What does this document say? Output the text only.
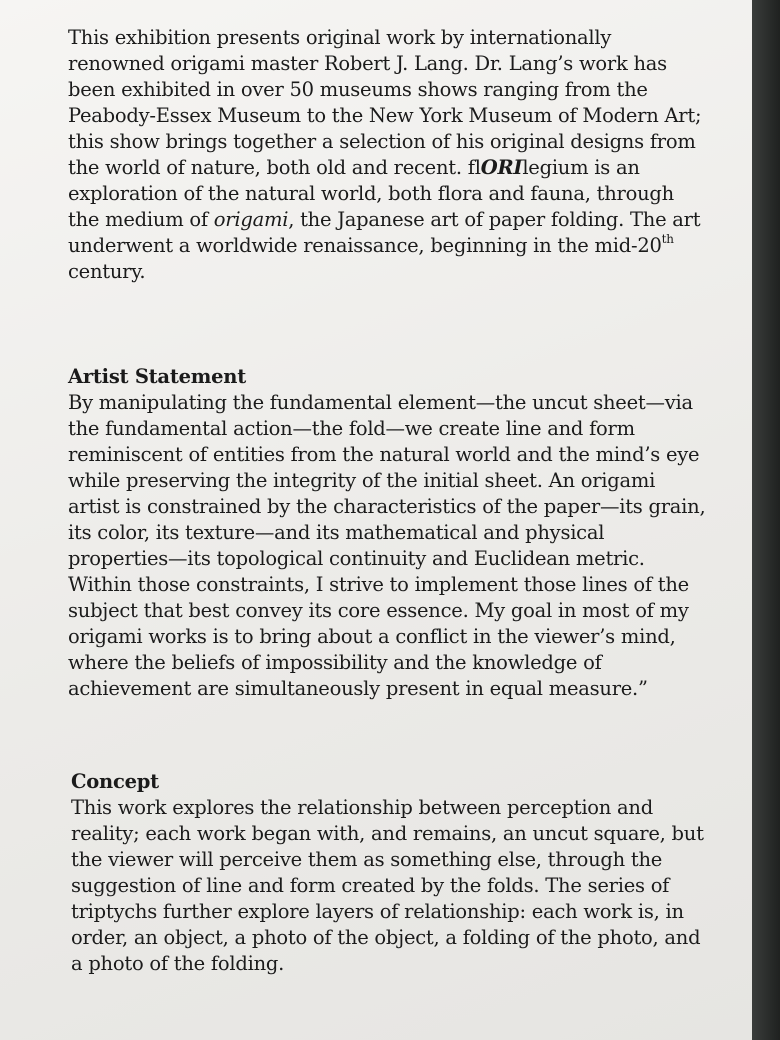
This exhibition presents original work by internationally
renowned origami master Robert J. Lang. Dr. Lang’s work has
been exhibited in over 50 museums shows ranging from the
Peabody-Essex Museum to the New York Museum of Modern Art;
this show brings together a selection of his original designs from
the world of nature, both old and recent. flORIlegium is an
exploration of the natural world, both flora and fauna, through
the medium of origami, the Japanese art of paper folding. The art
underwent a worldwide renaissance, beginning in the mid-20th
century.
Artist Statement
By manipulating the fundamental element—the uncut sheet—via
the fundamental action—the fold—we create line and form
reminiscent of entities from the natural world and the mind’s eye
while preserving the integrity of the initial sheet. An origami
artist is constrained by the characteristics of the paper—its grain,
its color, its texture—and its mathematical and physical
properties—its topological continuity and Euclidean metric.
Within those constraints, I strive to implement those lines of the
subject that best convey its core essence. My goal in most of my
origami works is to bring about a conflict in the viewer’s mind,
where the beliefs of impossibility and the knowledge of
achievement are simultaneously present in equal measure.”
Concept
This work explores the relationship between perception and
reality; each work began with, and remains, an uncut square, but
the viewer will perceive them as something else, through the
suggestion of line and form created by the folds. The series of
triptychs further explore layers of relationship: each work is, in
order, an object, a photo of the object, a folding of the photo, and
a photo of the folding.
